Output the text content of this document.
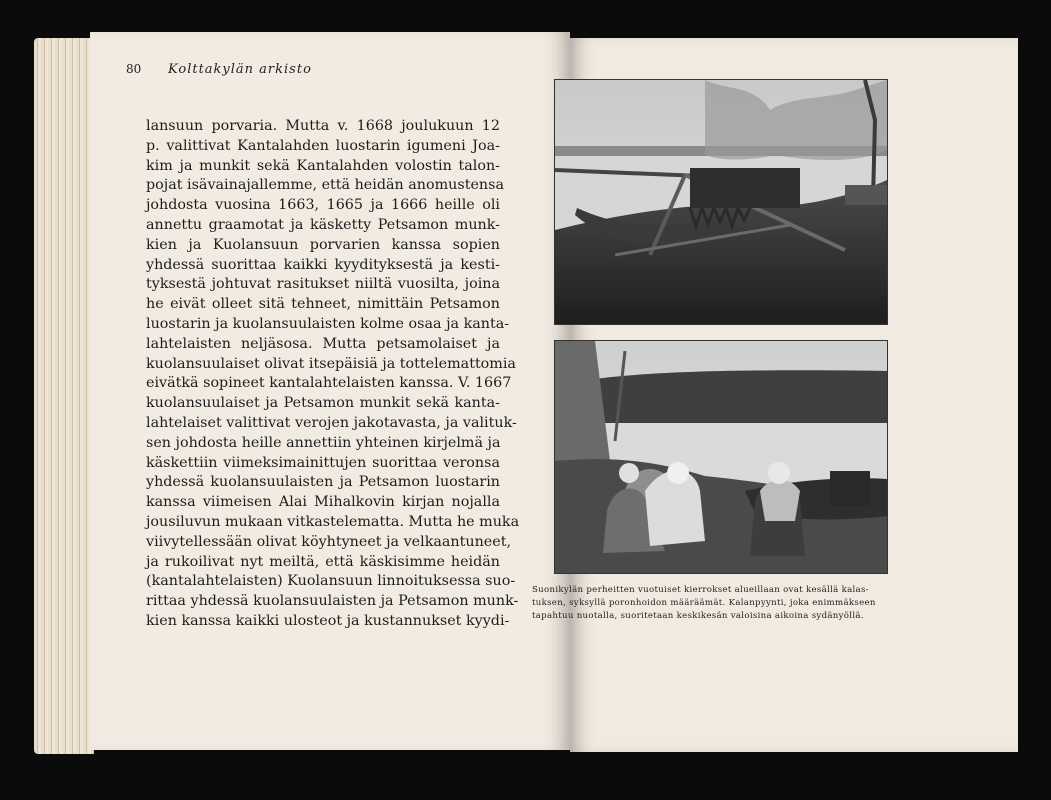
80 Kolttakylän arkisto
lansuun porvaria. Mutta v. 1668 joulukuun 12
p. valittivat Kantalahden luostarin igumeni Joa-
kim ja munkit sekä Kantalahden volostin talon-
pojat isävainajallemme, että heidän anomustensa
johdosta vuosina 1663, 1665 ja 1666 heille oli
annettu graamotat ja käsketty Petsamon munk-
kien ja Kuolansuun porvarien kanssa sopien
yhdessä suorittaa kaikki kyydityksestä ja kesti-
tyksestä johtuvat rasitukset niiltä vuosilta, joina
he eivät olleet sitä tehneet, nimittäin Petsamon
luostarin ja kuolansuulaisten kolme osaa ja kanta-
lahtelaisten neljäsosa. Mutta petsamolaiset ja
kuolansuulaiset olivat itsepäisiä ja tottelemattomia
eivätkä sopineet kantalahtelaisten kanssa. V. 1667
kuolansuulaiset ja Petsamon munkit sekä kanta-
lahtelaiset valittivat verojen jakotavasta, ja valituk-
sen johdosta heille annettiin yhteinen kirjelmä ja
käskettiin viimeksimainittujen suorittaa veronsa
yhdessä kuolansuulaisten ja Petsamon luostarin
kanssa viimeisen Alai Mihalkovin kirjan nojalla
jousiluvun mukaan vitkastelematta. Mutta he muka
viivytellessään olivat köyhtyneet ja velkaantuneet,
ja rukoilivat nyt meiltä, että käskisimme heidän
(kantalahtelaisten) Kuolansuun linnoituksessa suo-
rittaa yhdessä kuolansuulaisten ja Petsamon munk-
kien kanssa kaikki ulosteot ja kustannukset kyydi-
Suonikylän perheitten vuotuiset kierrokset alueillaan ovat kesällä kalas-
tuksen, syksyllä poronhoidon määräämät. Kalanpyynti, joka enimmäkseen
tapahtuu nuotalla, suoritetaan keskikesän valoisina aikoina sydänyöllä.
